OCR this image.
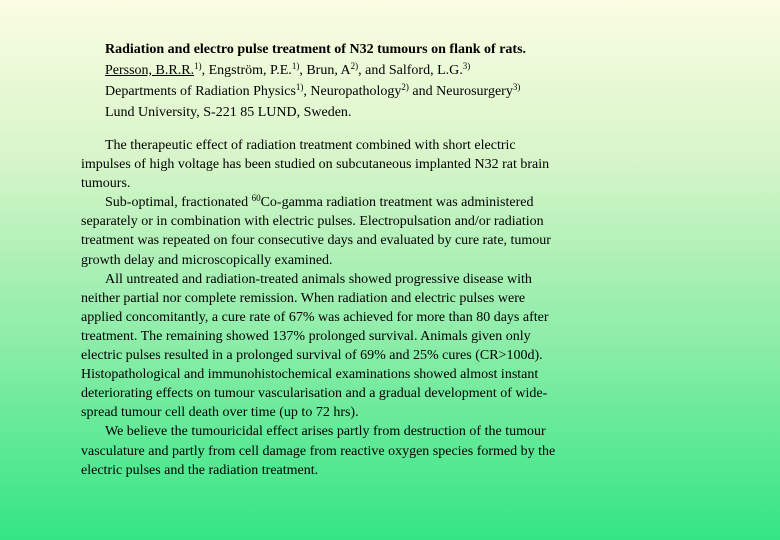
Radiation and electro pulse treatment of N32 tumours on flank of rats.
Persson, B.R.R.$^{1)}$, Engström, P.E.$^{1)}$, Brun, $A^{2)}$, and Salford, L.G.$^{3)}$
Departments of Radiation Physics$^{1)}$, Neuropathology$^{2)}$ and Neurosurgery$^{3)}$
Lund University, S-221 85 LUND, Sweden.
The therapeutic effect of radiation treatment combined with short electric
impulses of high voltage has been studied on subcutaneous implanted N32 rat brain
tumours.
Sub-optimal, fractionated $^{60}$Co-gamma radiation treatment was administered
separately or in combination with electric pulses. Electropulsation and/or radiation
treatment was repeated on four consecutive days and evaluated by cure rate, tumour
growth delay and microscopically examined.
All untreated and radiation-treated animals showed progressive disease with
neither partial nor complete remission. When radiation and electric pulses were
applied concomitantly, a cure rate of 67% was achieved for more than 80 days after
treatment. The remaining showed 137% prolonged survival. Animals given only
electric pulses resulted in a prolonged survival of 69% and 25% cures (CR>100d).
Histopathological and immunohistochemical examinations showed almost instant
deteriorating effects on tumour vascularisation and a gradual development of wide-
spread tumour cell death over time (up to 72 hrs).
We believe the tumouricidal effect arises partly from destruction of the tumour
vasculature and partly from cell damage from reactive oxygen species formed by the
electric pulses and the radiation treatment.
